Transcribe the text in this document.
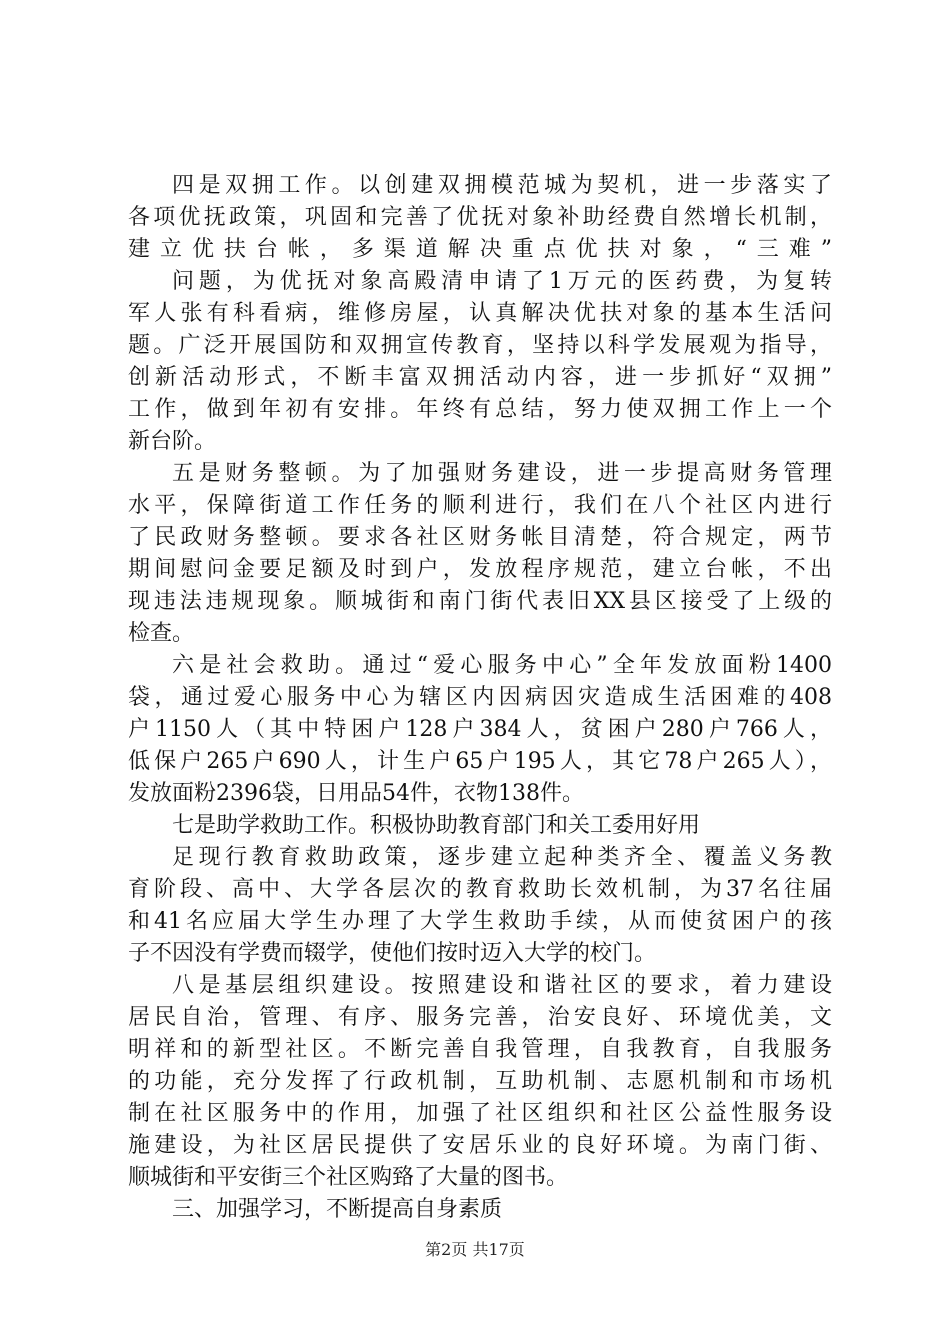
四是双拥工作。以创建双拥模范城为契机，进一步落实了
各项优抚政策，巩固和完善了优抚对象补助经费自然增长机制，
建立优扶台帐，多渠道解决重点优扶对象，“三难”
问题，为优抚对象高殿清申请了1万元的医药费，为复转
军人张有科看病，维修房屋，认真解决优扶对象的基本生活问
题。广泛开展国防和双拥宣传教育，坚持以科学发展观为指导，
创新活动形式，不断丰富双拥活动内容，进一步抓好“双拥”
工作，做到年初有安排。年终有总结，努力使双拥工作上一个
新台阶。
五是财务整顿。为了加强财务建设，进一步提高财务管理
水平，保障街道工作任务的顺利进行，我们在八个社区内进行
了民政财务整顿。要求各社区财务帐目清楚，符合规定，两节
期间慰问金要足额及时到户，发放程序规范，建立台帐，不出
现违法违规现象。顺城街和南门街代表旧XX县区接受了上级的
检查。
六是社会救助。通过“爱心服务中心”全年发放面粉1400
袋，通过爱心服务中心为辖区内因病因灾造成生活困难的408
户1150人（其中特困户128户384人，贫困户280户766人，
低保户265户690人，计生户65户195人，其它78户265人），
发放面粉2396袋，日用品54件，衣物138件。
七是助学救助工作。积极协助教育部门和关工委用好用
足现行教育救助政策，逐步建立起种类齐全、覆盖义务教
育阶段、高中、大学各层次的教育救助长效机制，为37名往届
和41名应届大学生办理了大学生救助手续，从而使贫困户的孩
子不因没有学费而辍学，使他们按时迈入大学的校门。
八是基层组织建设。按照建设和谐社区的要求，着力建设
居民自治，管理、有序、服务完善，治安良好、环境优美，文
明祥和的新型社区。不断完善自我管理，自我教育，自我服务
的功能，充分发挥了行政机制，互助机制、志愿机制和市场机
制在社区服务中的作用，加强了社区组织和社区公益性服务设
施建设，为社区居民提供了安居乐业的良好环境。为南门街、
顺城街和平安街三个社区购臵了大量的图书。
三、加强学习，不断提高自身素质
第2页 共17页
